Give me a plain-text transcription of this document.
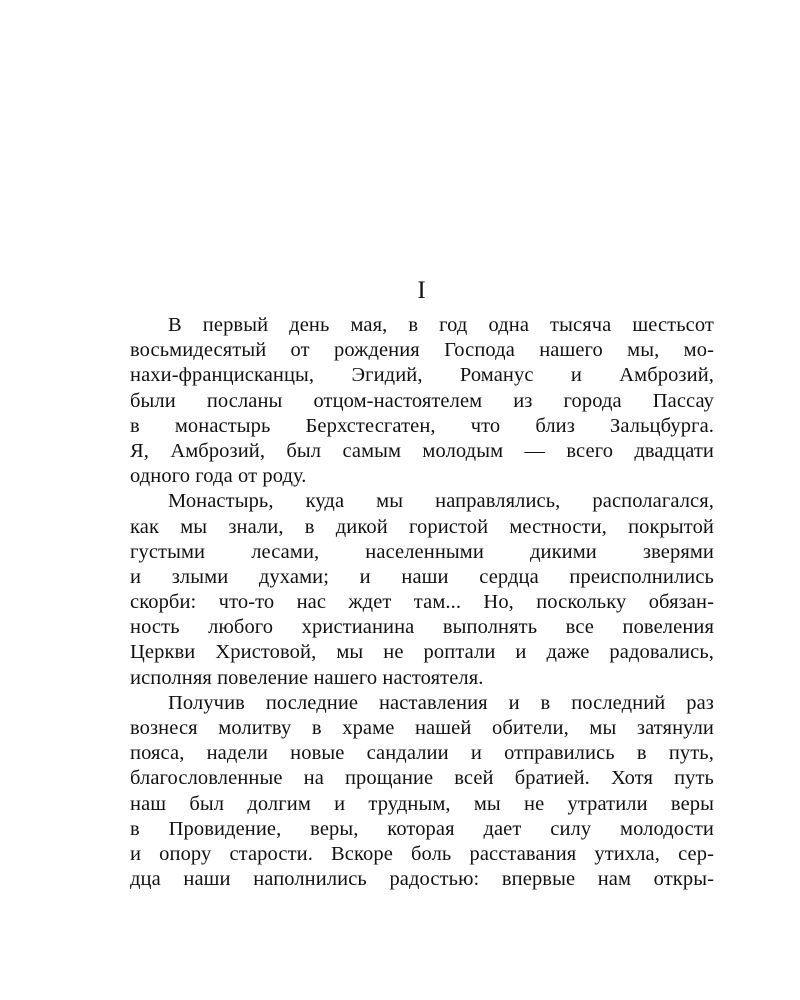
I
В первый день мая, в год одна тысяча шестьсот
восьмидесятый от рождения Господа нашего мы, мо-
нахи-францисканцы, Эгидий, Романус и Амброзий,
были посланы отцом-настоятелем из города Пассау
в монастырь Берхстесгатен, что близ Зальцбурга.
Я, Амброзий, был самым молодым — всего двадцати
одного года от роду.
Монастырь, куда мы направлялись, располагался,
как мы знали, в дикой гористой местности, покрытой
густыми лесами, населенными дикими зверями
и злыми духами; и наши сердца преисполнились
скорби: что-то нас ждет там... Но, поскольку обязан-
ность любого христианина выполнять все повеления
Церкви Христовой, мы не роптали и даже радовались,
исполняя повеление нашего настоятеля.
Получив последние наставления и в последний раз
вознеся молитву в храме нашей обители, мы затянули
пояса, надели новые сандалии и отправились в путь,
благословленные на прощание всей братией. Хотя путь
наш был долгим и трудным, мы не утратили веры
в Провидение, веры, которая дает силу молодости
и опору старости. Вскоре боль расставания утихла, сер-
дца наши наполнились радостью: впервые нам откры-
